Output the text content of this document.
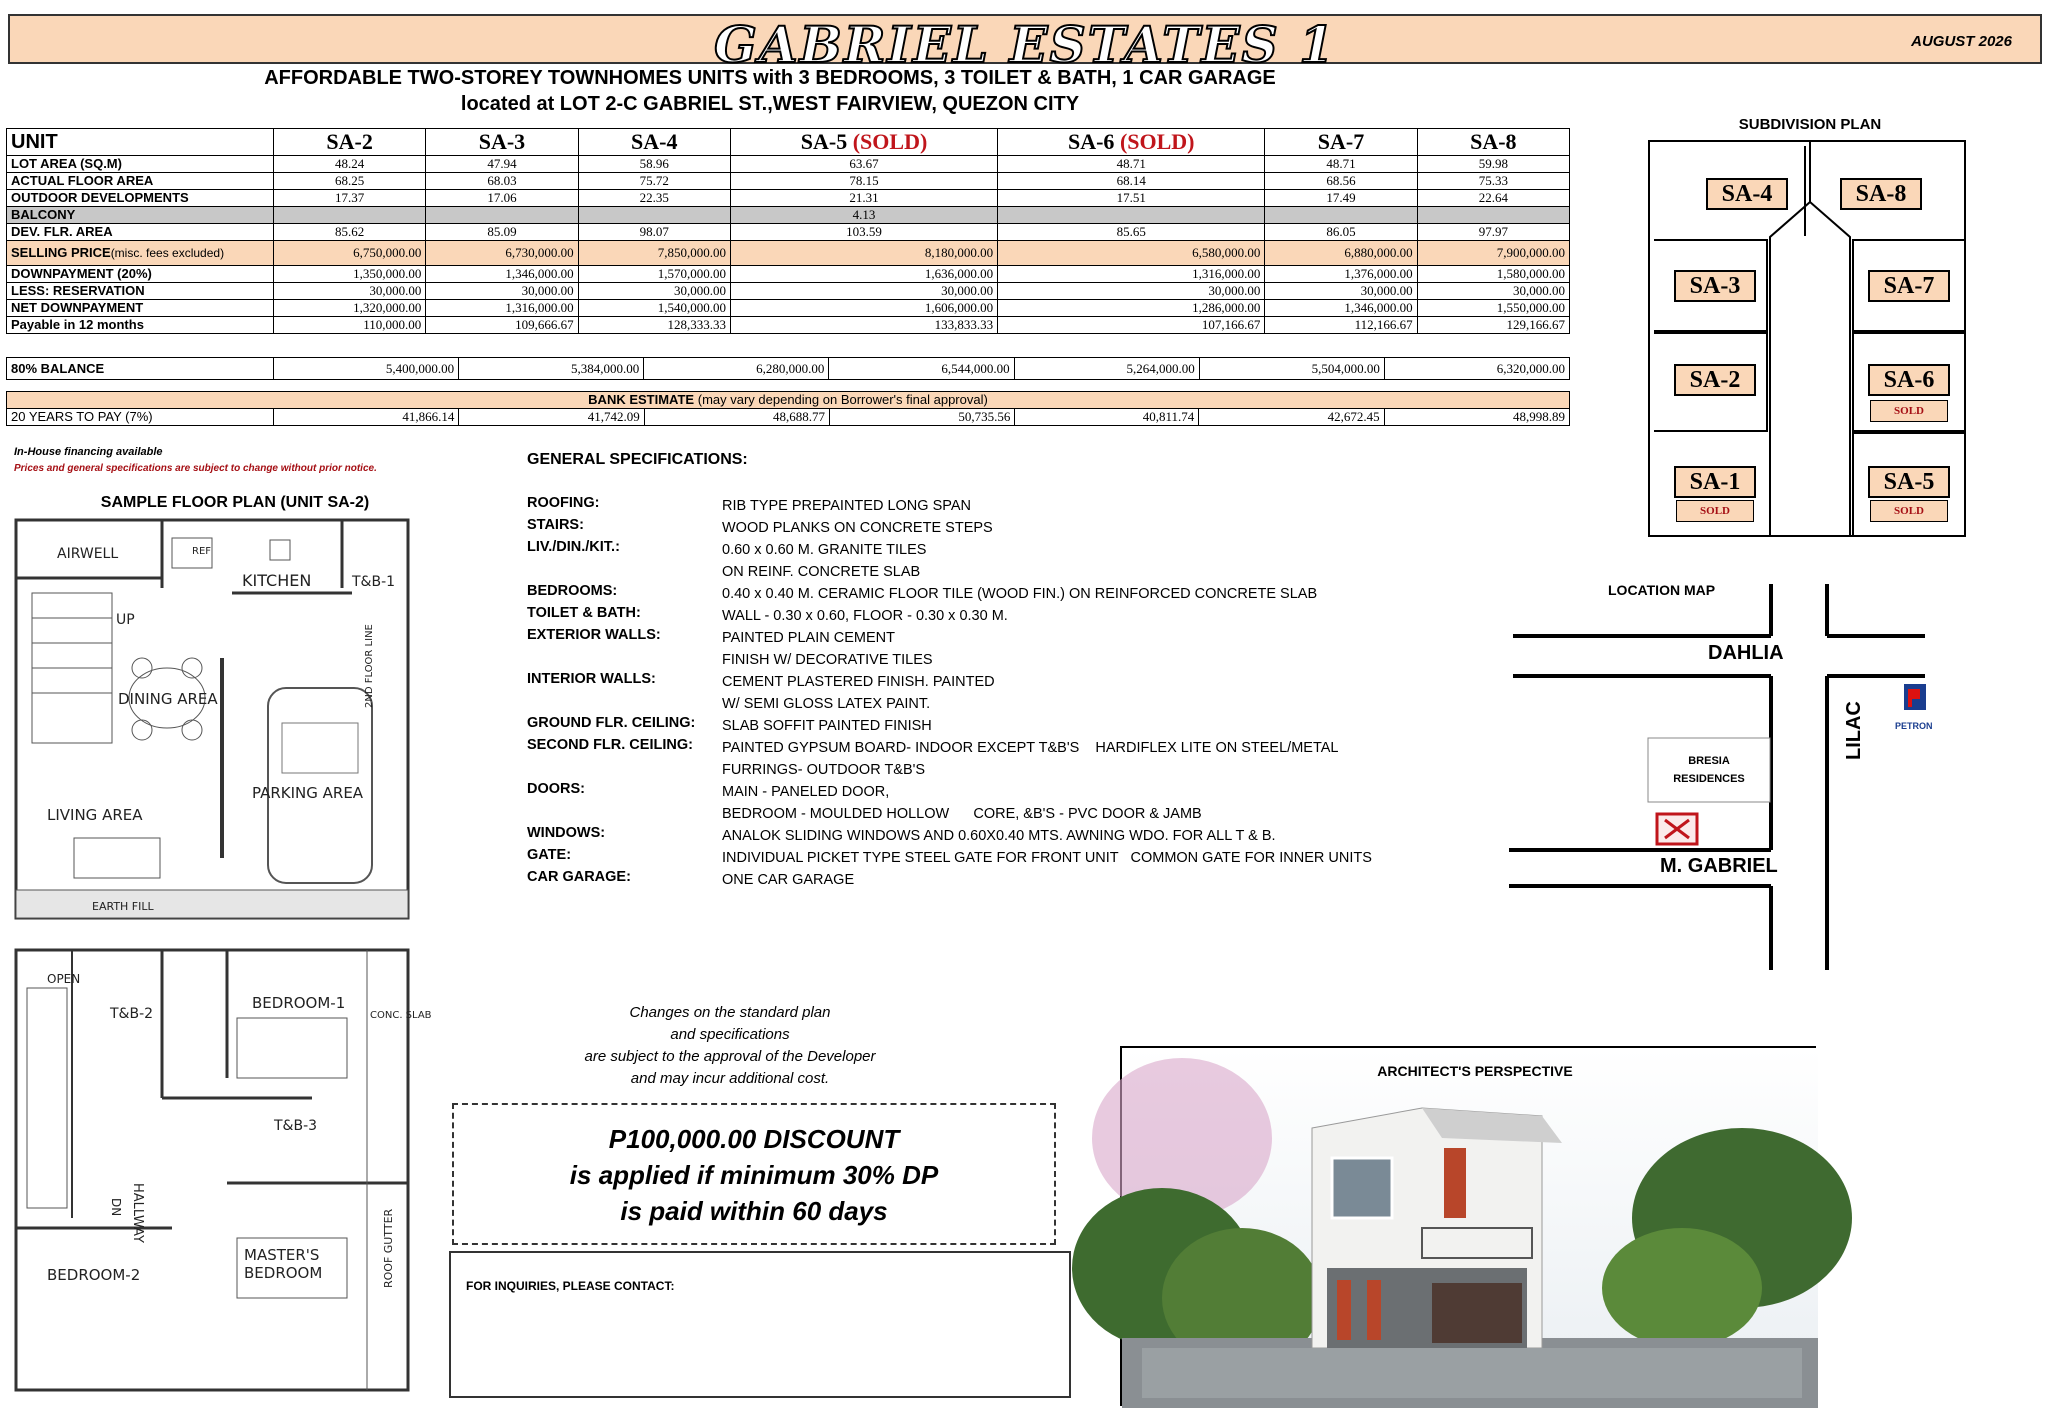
GABRIEL ESTATES 1	AUGUST 2026
AFFORDABLE TWO-STOREY TOWNHOMES UNITS with 3 BEDROOMS, 3 TOILET & BATH, 1 CAR GARAGE
located at LOT 2-C GABRIEL ST.,WEST FAIRVIEW, QUEZON CITY
UNIT	SA-2	SA-3	SA-4	SA-5 (SOLD)	SA-6 (SOLD)	SA-7	SA-8
LOT AREA (SQ.M)	48.24	47.94	58.96	63.67	48.71	48.71	59.98
ACTUAL FLOOR AREA	68.25	68.03	75.72	78.15	68.14	68.56	75.33
OUTDOOR DEVELOPMENTS	17.37	17.06	22.35	21.31	17.51	17.49	22.64
BALCONY				4.13			
DEV. FLR. AREA	85.62	85.09	98.07	103.59	85.65	86.05	97.97
SELLING PRICE(misc. fees excluded)	6,750,000.00	6,730,000.00	7,850,000.00	8,180,000.00	6,580,000.00	6,880,000.00	7,900,000.00
DOWNPAYMENT (20%)	1,350,000.00	1,346,000.00	1,570,000.00	1,636,000.00	1,316,000.00	1,376,000.00	1,580,000.00
LESS: RESERVATION	30,000.00	30,000.00	30,000.00	30,000.00	30,000.00	30,000.00	30,000.00
NET DOWNPAYMENT	1,320,000.00	1,316,000.00	1,540,000.00	1,606,000.00	1,286,000.00	1,346,000.00	1,550,000.00
Payable in 12 months	110,000.00	109,666.67	128,333.33	133,833.33	107,166.67	112,166.67	129,166.67
80% BALANCE	5,400,000.00	5,384,000.00	6,280,000.00	6,544,000.00	5,264,000.00	5,504,000.00	6,320,000.00
BANK ESTIMATE (may vary depending on Borrower's final approval)
20 YEARS TO PAY (7%)	41,866.14	41,742.09	48,688.77	50,735.56	40,811.74	42,672.45	48,998.89
In-House financing available
Prices and general specifications are subject to change without prior notice.
SAMPLE FLOOR PLAN (UNIT SA-2)
AIRWELL	REF
KITCHEN	T&B-1
UP
DINING AREA
LIVING AREA
PARKING AREA
2ND FLOOR LINE
EARTH FILL
OPEN
T&B-2
BEDROOM-1
CONC. SLAB
T&B-3
HALLWAY
DN
ROOF GUTTER
BEDROOM-2
MASTER'S
BEDROOM
GENERAL SPECIFICATIONS:
ROOFING:	RIB TYPE PREPAINTED LONG SPAN
STAIRS:	WOOD PLANKS ON CONCRETE STEPS
LIV./DIN./KIT.:	0.60 x 0.60 M. GRANITE TILES
ON REINF. CONCRETE SLAB
BEDROOMS:	0.40 x 0.40 M. CERAMIC FLOOR TILE (WOOD FIN.) ON REINFORCED CONCRETE SLAB
TOILET & BATH:	WALL - 0.30 x 0.60, FLOOR - 0.30 x 0.30 M.
EXTERIOR WALLS:	PAINTED PLAIN CEMENT
FINISH W/ DECORATIVE TILES
INTERIOR WALLS:	CEMENT PLASTERED FINISH. PAINTED
W/ SEMI GLOSS LATEX PAINT.
GROUND FLR. CEILING:	SLAB SOFFIT PAINTED FINISH
SECOND FLR. CEILING:	PAINTED GYPSUM BOARD- INDOOR EXCEPT T&B'S    HARDIFLEX LITE ON STEEL/METAL
FURRINGS- OUTDOOR T&B'S
DOORS:	MAIN - PANELED DOOR,
BEDROOM - MOULDED HOLLOW      CORE, &B'S - PVC DOOR & JAMB
WINDOWS:	ANALOK SLIDING WINDOWS AND 0.60X0.40 MTS. AWNING WDO. FOR ALL T & B.
GATE:	INDIVIDUAL PICKET TYPE STEEL GATE FOR FRONT UNIT   COMMON GATE FOR INNER UNITS
CAR GARAGE:	ONE CAR GARAGE
SUBDIVISION PLAN
SA-4	SA-8
SA-3	SA-7
SA-2	SA-6
SOLD
SA-1
SOLD
SA-5
SOLD
LOCATION MAP
DAHLIA
LILAC
M. GABRIEL
BRESIA
RESIDENCES
PETRON
Changes on the standard plan
and specifications
are subject to the approval of the Developer
and may incur additional cost.
P100,000.00 DISCOUNT
is applied if minimum 30% DP
is paid within 60 days
FOR INQUIRIES, PLEASE CONTACT:
ARCHITECT'S PERSPECTIVE
